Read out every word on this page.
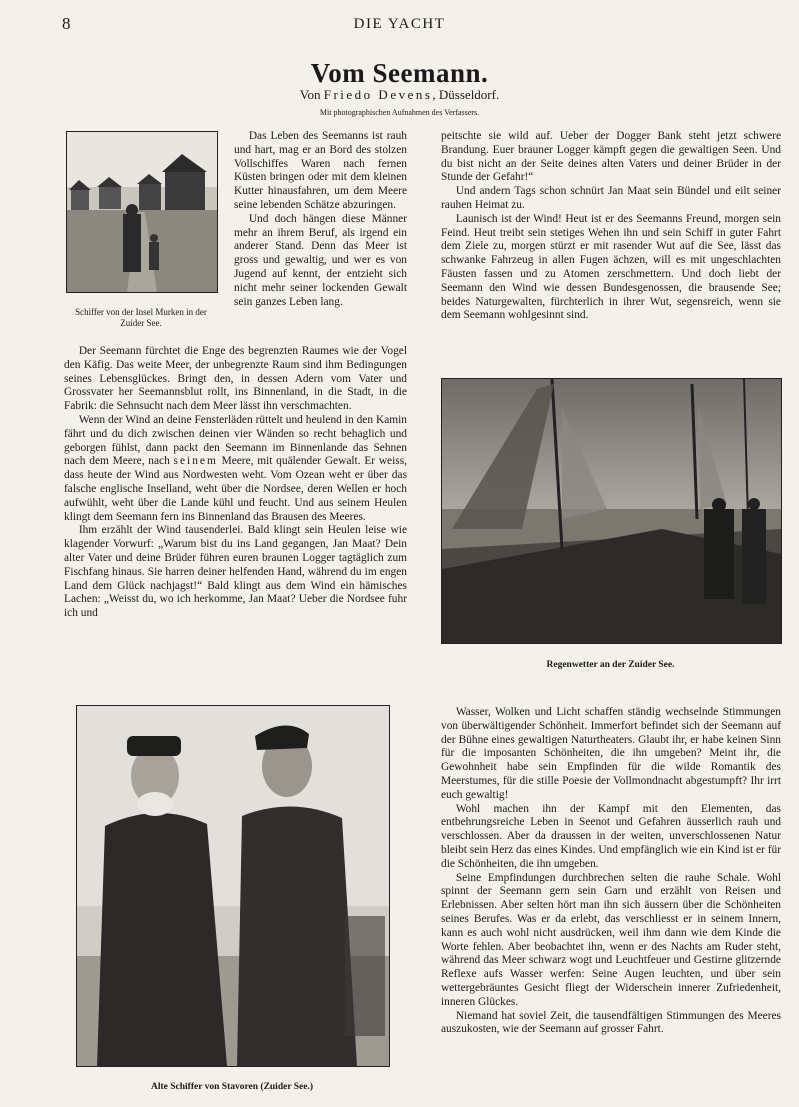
8	DIE YACHT
Vom Seemann.
Von Friedo Devens, Düsseldorf.
Mit photographischen Aufnahmen des Verfassers.
Schiffer von der Insel Murken in der Zuider See.

Das Leben des Seemanns ist rauh und hart, mag er an Bord des stolzen Vollschiffes Waren nach fernen Küsten bringen oder mit dem kleinen Kutter hinausfahren, um dem Meere seine lebenden Schätze abzuringen.

Und doch hängen diese Männer mehr an ihrem Beruf, als irgend ein anderer Stand. Denn das Meer ist gross und gewaltig, und wer es von Jugend auf kennt, der entzieht sich nicht mehr seiner lockenden Gewalt sein ganzes Leben lang.

Der Seemann fürchtet die Enge des begrenzten Raumes wie der Vogel den Käfig. Das weite Meer, der unbegrenzte Raum sind ihm Bedingungen seines Lebensglückes. Bringt den, in dessen Adern vom Vater und Grossvater her Seemannsblut rollt, ins Binnenland, in die Stadt, in die Fabrik: die Sehnsucht nach dem Meer lässt ihn verschmachten.

Wenn der Wind an deine Fensterläden rüttelt und heulend in den Kamin fährt und du dich zwischen deinen vier Wänden so recht behaglich und geborgen fühlst, dann packt den Seemann im Binnenlande das Sehnen nach dem Meere, nach seinem Meere, mit quälender Gewalt. Er weiss, dass heute der Wind aus Nordwesten weht. Vom Ozean weht er über das falsche englische Inselland, weht über die Nordsee, deren Wellen er hoch aufwühlt, weht über die Lande kühl und feucht. Und aus seinem Heulen klingt dem Seemann fern ins Binnenland das Brausen des Meeres.

Ihm erzählt der Wind tausenderlei. Bald klingt sein Heulen leise wie klagender Vorwurf: „Warum bist du ins Land gegangen, Jan Maat? Dein alter Vater und deine Brüder führen euren braunen Logger tagtäglich zum Fischfang hinaus. Sie harren deiner helfenden Hand, während du im engen Land dem Glück nachjagst!“ Bald klingt aus dem Wind ein hämisches Lachen: „Weisst du, wo ich herkomme, Jan Maat? Ueber die Nordsee fuhr ich und

peitschte sie wild auf. Ueber der Dogger Bank steht jetzt schwere Brandung. Euer brauner Logger kämpft gegen die gewaltigen Seen. Und du bist nicht an der Seite deines alten Vaters und deiner Brüder in der Stunde der Gefahr!“

Und andern Tags schon schnürt Jan Maat sein Bündel und eilt seiner rauhen Heimat zu.

Launisch ist der Wind! Heut ist er des Seemanns Freund, morgen sein Feind. Heut treibt sein stetiges Wehen ihn und sein Schiff in guter Fahrt dem Ziele zu, morgen stürzt er mit rasender Wut auf die See, lässt das schwanke Fahrzeug in allen Fugen ächzen, will es mit ungeschlachten Fäusten fassen und zu Atomen zerschmettern. Und doch liebt der Seemann den Wind wie dessen Bundesgenossen, die brausende See; beides Naturgewalten, fürchterlich in ihrer Wut, segensreich, wenn sie dem Seemann wohlgesinnt sind.

Regenwetter an der Zuider See.
Alte Schiffer von Stavoren (Zuider See.)

Wasser, Wolken und Licht schaffen ständig wechselnde Stimmungen von überwältigender Schönheit. Immerfort befindet sich der Seemann auf der Bühne eines gewaltigen Naturtheaters. Glaubt ihr, er habe keinen Sinn für die imposanten Schönheiten, die ihn umgeben? Meint ihr, die Gewohnheit habe sein Empfinden für die wilde Romantik des Meerstumes, für die stille Poesie der Vollmondnacht abgestumpft? Ihr irrt euch gewaltig!

Wohl machen ihn der Kampf mit den Elementen, das entbehrungsreiche Leben in Seenot und Gefahren äusserlich rauh und verschlossen. Aber da draussen in der weiten, unverschlossenen Natur bleibt sein Herz das eines Kindes. Und empfänglich wie ein Kind ist er für die Schönheiten, die ihn umgeben.

Seine Empfindungen durchbrechen selten die rauhe Schale. Wohl spinnt der Seemann gern sein Garn und erzählt von Reisen und Erlebnissen. Aber selten hört man ihn sich äussern über die Schönheiten seines Berufes. Was er da erlebt, das verschliesst er in seinem Innern, kann es auch wohl nicht ausdrücken, weil ihm dann wie dem Kinde die Worte fehlen. Aber beobachtet ihn, wenn er des Nachts am Ruder steht, während das Meer schwarz wogt und Leuchtfeuer und Gestirne glitzernde Reflexe aufs Wasser werfen: Seine Augen leuchten, und über sein wettergebräuntes Gesicht fliegt der Widerschein innerer Zufriedenheit, inneren Glückes.

Niemand hat soviel Zeit, die tausendfältigen Stimmungen des Meeres auszukosten, wie der Seemann auf grosser Fahrt.
